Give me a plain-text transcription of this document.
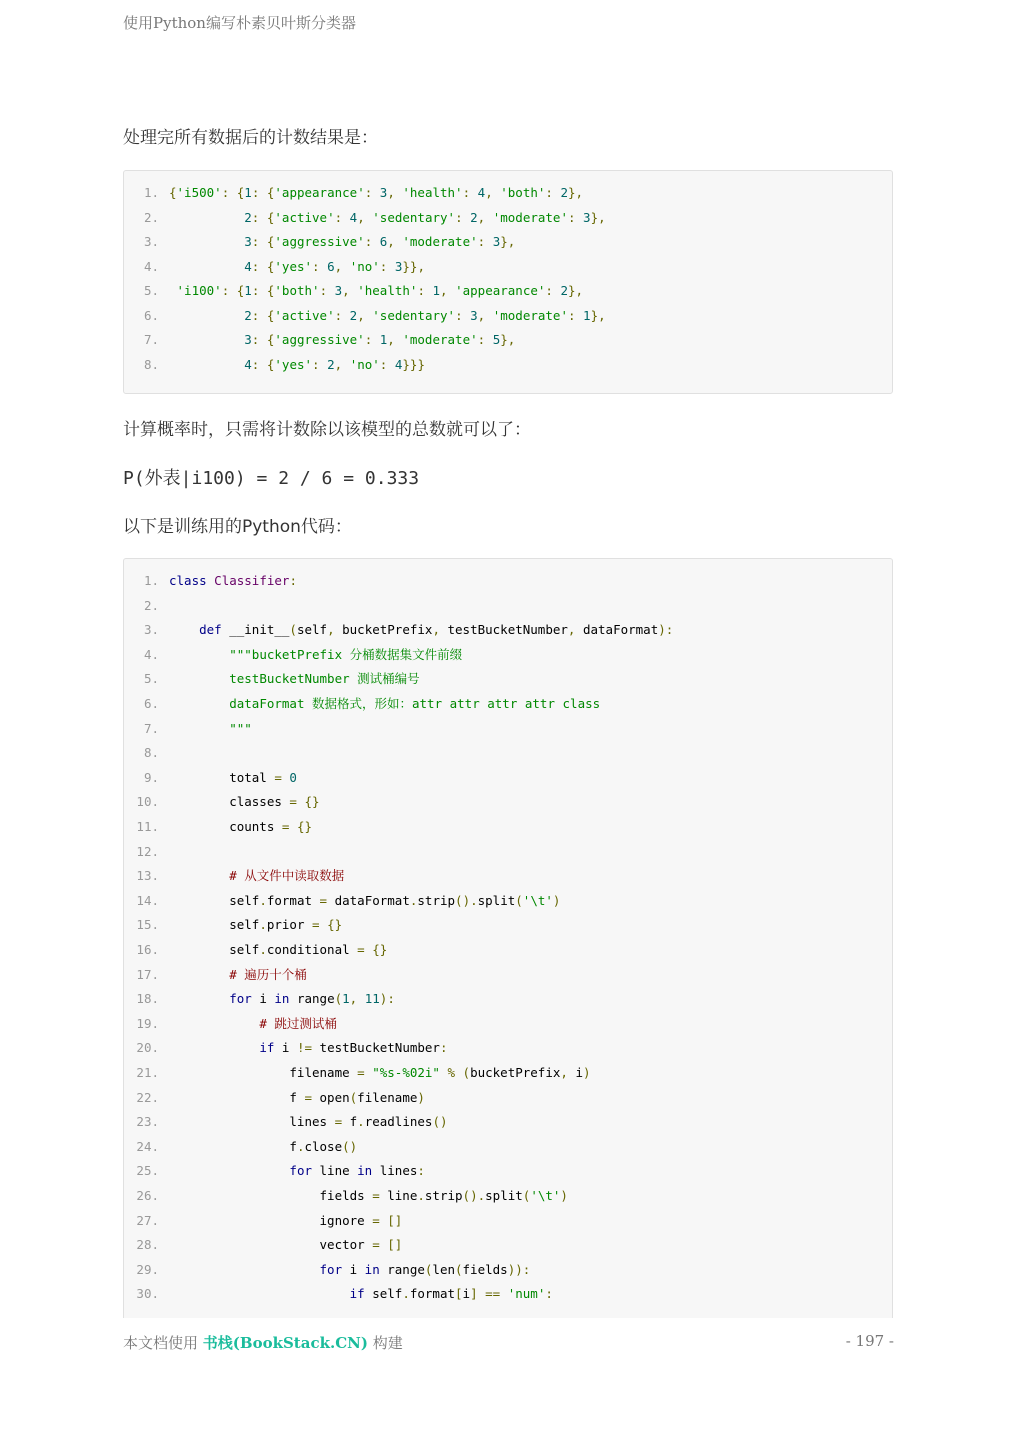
使用Python编写朴素贝叶斯分类器

处理完所有数据后的计数结果是：

1. {'i500': {1: {'appearance': 3, 'health': 4, 'both': 2},
2.	2: {'active': 4, 'sedentary': 2, 'moderate': 3},
3.	3: {'aggressive': 6, 'moderate': 3},
4.	4: {'yes': 6, 'no': 3}},
5.	'i100': {1: {'both': 3, 'health': 1, 'appearance': 2},
6.	2: {'active': 2, 'sedentary': 3, 'moderate': 1},
7.	3: {'aggressive': 1, 'moderate': 5},
8.	4: {'yes': 2, 'no': 4}}}

计算概率时，只需将计数除以该模型的总数就可以了：

P(外表|i100) = 2 / 6 = 0.333

以下是训练用的Python代码：

1. class Classifier:
2.
3.	def __init__(self, bucketPrefix, testBucketNumber, dataFormat):
4.	"""bucketPrefix 分桶数据集文件前缀
5.	testBucketNumber 测试桶编号
6.	dataFormat 数据格式，形如：attr attr attr attr class
7.	"""
8.
9. total = 0
10. classes = {}
11. counts = {}
12.
13.	# 从文件中读取数据
14. self.format = dataFormat.strip().split('\t')
15. self.prior = {}
16. self.conditional = {}
17.	# 遍历十个桶
18.	for i in range(1, 11):
19.	# 跳过测试桶
20.	if i != testBucketNumber:
21. filename = "%s-%02i" % (bucketPrefix, i)
22. f = open(filename)
23. lines = f.readlines()
24. f.close()
25.	for line in lines:
26. fields = line.strip().split('\t')
27. ignore = []
28. vector = []
29.	for i in range(len(fields)):
30.	if self.format[i] == 'num':
本文档使用 书栈(BookStack.CN) 构建	- 197 -
